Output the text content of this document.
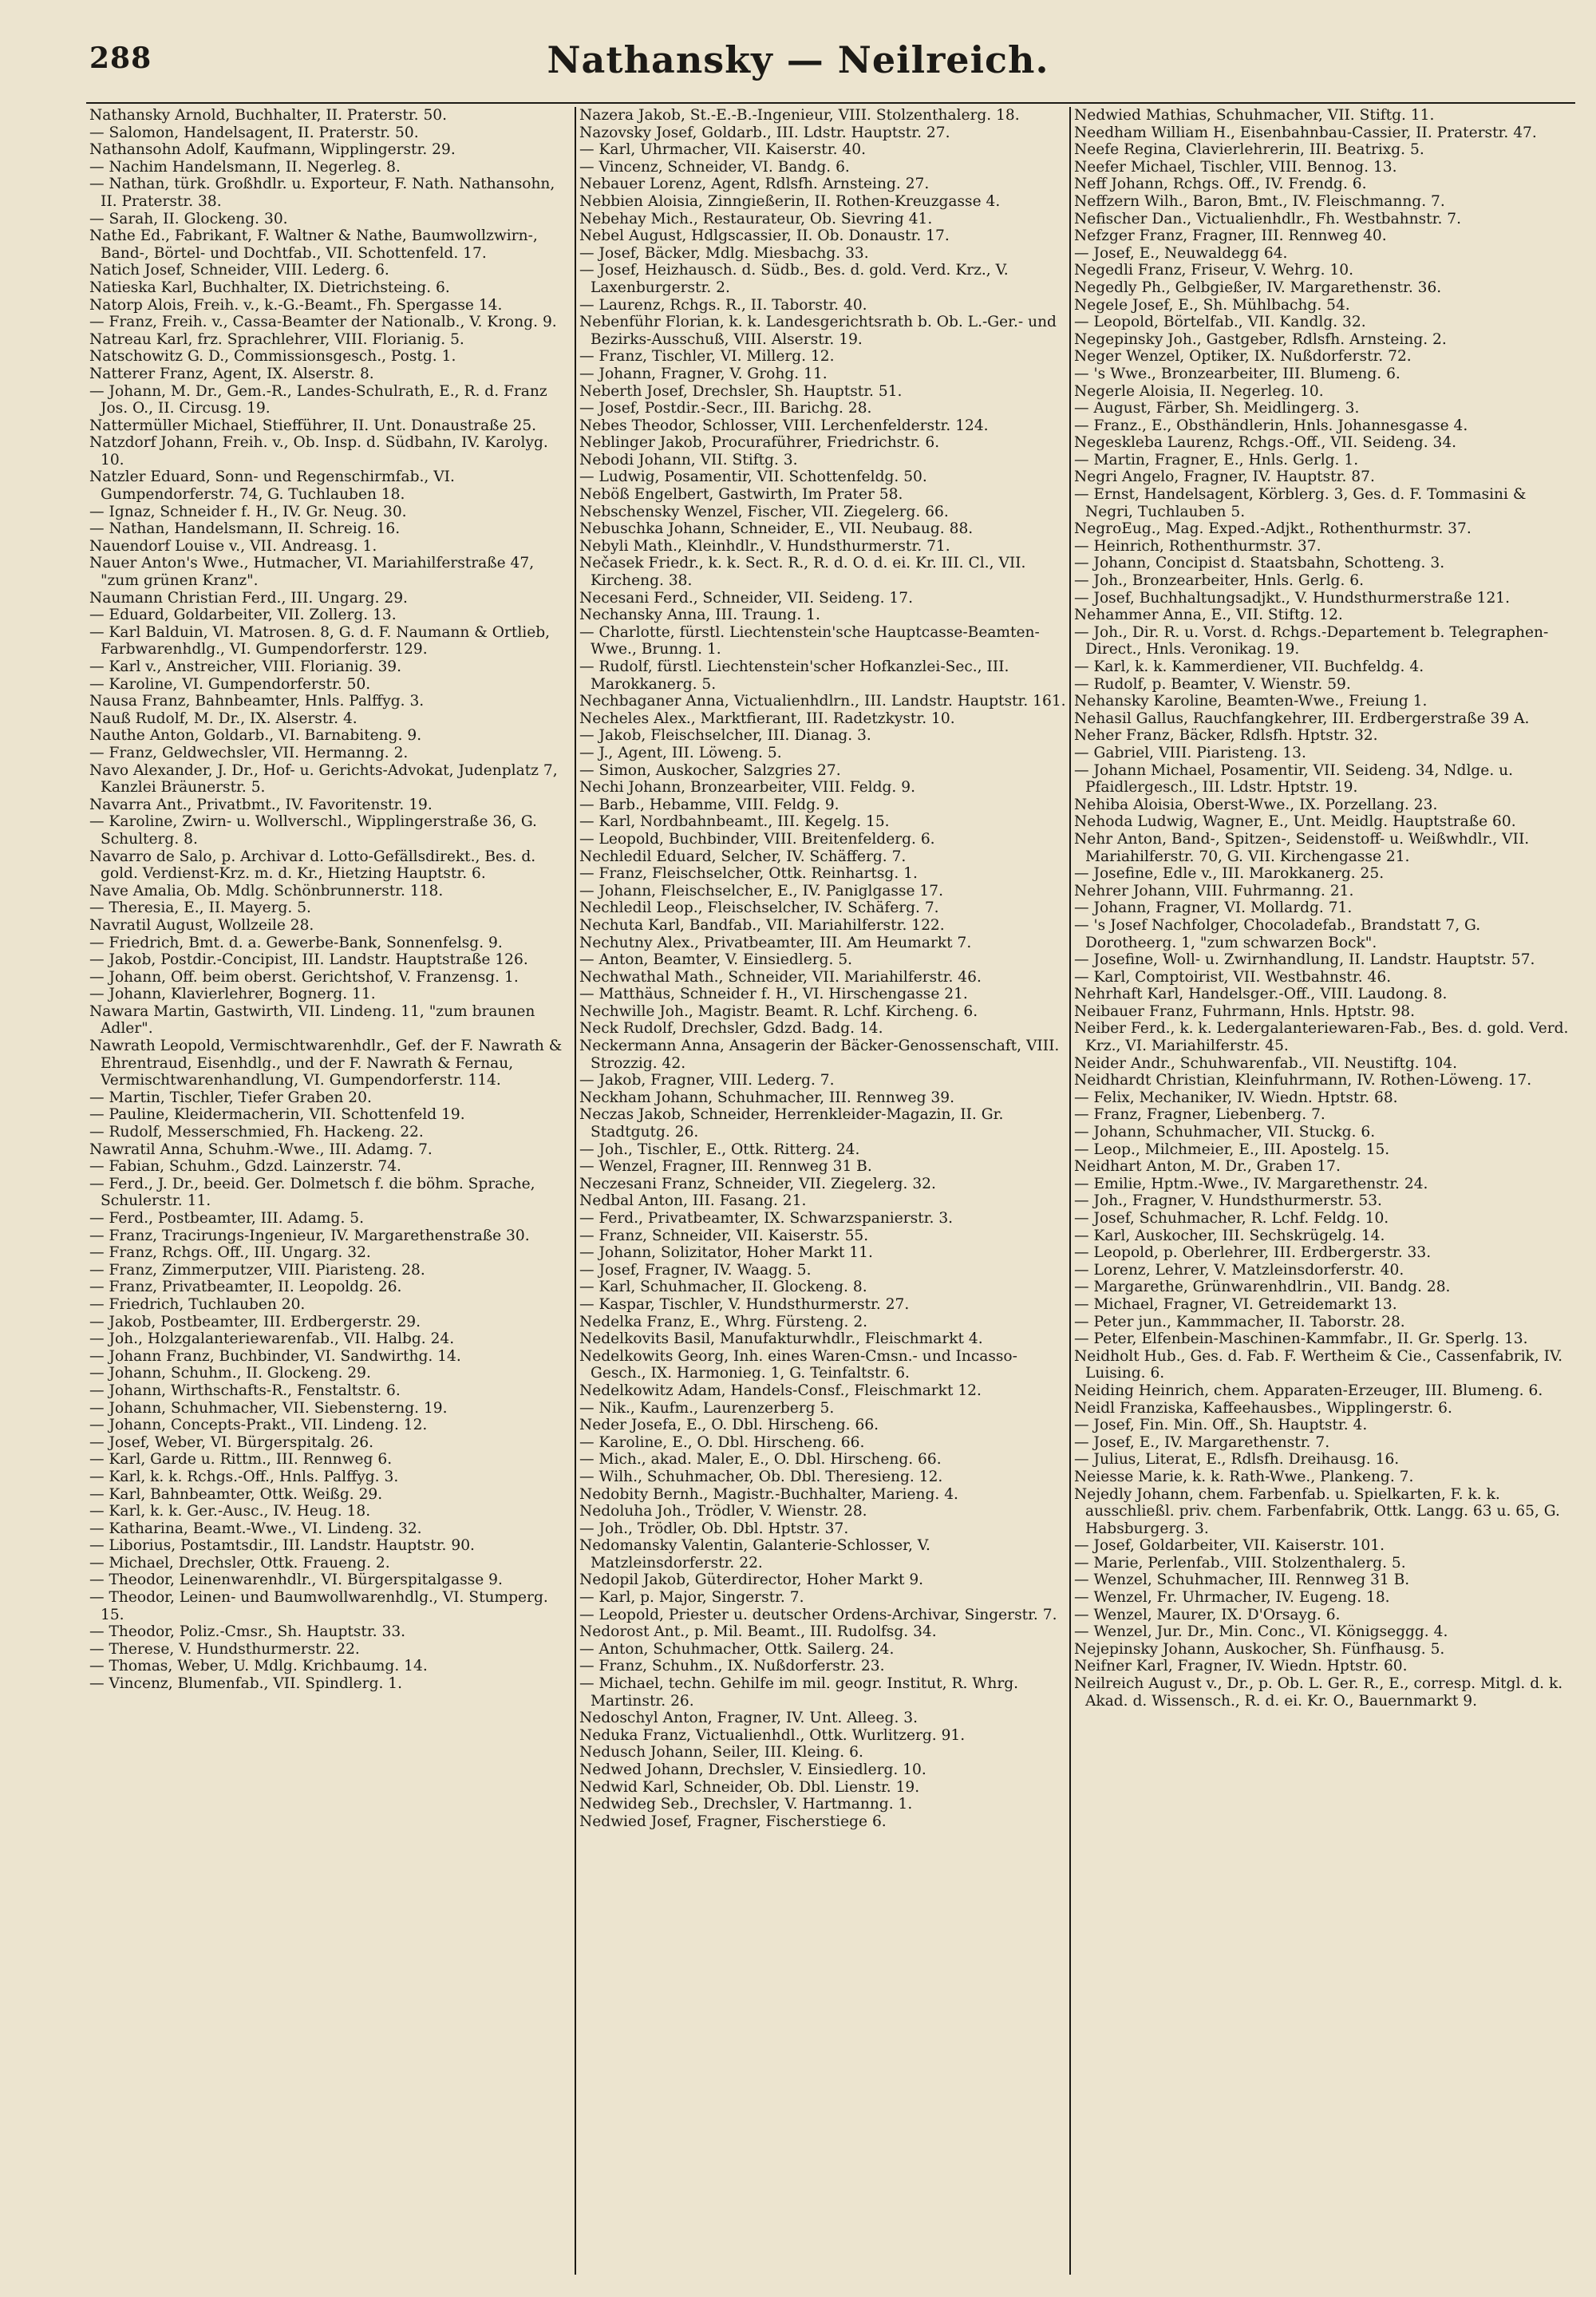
288	Nathansky — Neilreich.

Nathansky Arnold, Buchhalter, II. Praterstr. 50.

— Salomon, Handelsagent, II. Praterstr. 50.

Nathansohn Adolf, Kaufmann, Wipplingerstr. 29.

— Nachim Handelsmann, II. Negerleg. 8.

— Nathan, türk. Großhdlr. u. Exporteur, F. Nath. Nathansohn, II. Praterstr. 38.

— Sarah, II. Glockeng. 30.

Nathe Ed., Fabrikant, F. Waltner & Nathe, Baumwollzwirn-, Band-, Börtel- und Dochtfab., VII. Schottenfeld. 17.

Natich Josef, Schneider, VIII. Lederg. 6.

Natieska Karl, Buchhalter, IX. Dietrichsteing. 6.

Natorp Alois, Freih. v., k.-G.-Beamt., Fh. Spergasse 14.

— Franz, Freih. v., Cassa-Beamter der Nationalb., V. Krong. 9.

Natreau Karl, frz. Sprachlehrer, VIII. Florianig. 5.

Natschowitz G. D., Commissionsgesch., Postg. 1.

Natterer Franz, Agent, IX. Alserstr. 8.

— Johann, M. Dr., Gem.-R., Landes-Schulrath, E., R. d. Franz Jos. O., II. Circusg. 19.

Nattermüller Michael, Stiefführer, II. Unt. Donaustraße 25.

Natzdorf Johann, Freih. v., Ob. Insp. d. Südbahn, IV. Karolyg. 10.

Natzler Eduard, Sonn- und Regenschirmfab., VI. Gumpendorferstr. 74, G. Tuchlauben 18.

— Ignaz, Schneider f. H., IV. Gr. Neug. 30.

— Nathan, Handelsmann, II. Schreig. 16.

Nauendorf Louise v., VII. Andreasg. 1.

Nauer Anton's Wwe., Hutmacher, VI. Mariahilferstraße 47, "zum grünen Kranz".

Naumann Christian Ferd., III. Ungarg. 29.

— Eduard, Goldarbeiter, VII. Zollerg. 13.

— Karl Balduin, VI. Matrosen. 8, G. d. F. Naumann & Ortlieb, Farbwarenhdlg., VI. Gumpendorferstr. 129.

— Karl v., Anstreicher, VIII. Florianig. 39.

— Karoline, VI. Gumpendorferstr. 50.

Nausa Franz, Bahnbeamter, Hnls. Palffyg. 3.

Nauß Rudolf, M. Dr., IX. Alserstr. 4.

Nauthe Anton, Goldarb., VI. Barnabiteng. 9.

— Franz, Geldwechsler, VII. Hermanng. 2.

Navo Alexander, J. Dr., Hof- u. Gerichts-Advokat, Judenplatz 7, Kanzlei Bräunerstr. 5.

Navarra Ant., Privatbmt., IV. Favoritenstr. 19.

— Karoline, Zwirn- u. Wollverschl., Wipplingerstraße 36, G. Schulterg. 8.

Navarro de Salo, p. Archivar d. Lotto-Gefällsdirekt., Bes. d. gold. Verdienst-Krz. m. d. Kr., Hietzing Hauptstr. 6.

Nave Amalia, Ob. Mdlg. Schönbrunnerstr. 118.

— Theresia, E., II. Mayerg. 5.

Navratil August, Wollzeile 28.

— Friedrich, Bmt. d. a. Gewerbe-Bank, Sonnenfelsg. 9.

— Jakob, Postdir.-Concipist, III. Landstr. Hauptstraße 126.

— Johann, Off. beim oberst. Gerichtshof, V. Franzensg. 1.

— Johann, Klavierlehrer, Bognerg. 11.

Nawara Martin, Gastwirth, VII. Lindeng. 11, "zum braunen Adler".

Nawrath Leopold, Vermischtwarenhdlr., Gef. der F. Nawrath & Ehrentraud, Eisenhdlg., und der F. Nawrath & Fernau, Vermischtwarenhandlung, VI. Gumpendorferstr. 114.

— Martin, Tischler, Tiefer Graben 20.

— Pauline, Kleidermacherin, VII. Schottenfeld 19.

— Rudolf, Messerschmied, Fh. Hackeng. 22.

Nawratil Anna, Schuhm.-Wwe., III. Adamg. 7.

— Fabian, Schuhm., Gdzd. Lainzerstr. 74.

— Ferd., J. Dr., beeid. Ger. Dolmetsch f. die böhm. Sprache, Schulerstr. 11.

— Ferd., Postbeamter, III. Adamg. 5.

— Franz, Tracirungs-Ingenieur, IV. Margarethenstraße 30.

— Franz, Rchgs. Off., III. Ungarg. 32.

— Franz, Zimmerputzer, VIII. Piaristeng. 28.

— Franz, Privatbeamter, II. Leopoldg. 26.

— Friedrich, Tuchlauben 20.

— Jakob, Postbeamter, III. Erdbergerstr. 29.

— Joh., Holzgalanteriewarenfab., VII. Halbg. 24.

— Johann Franz, Buchbinder, VI. Sandwirthg. 14.

— Johann, Schuhm., II. Glockeng. 29.

— Johann, Wirthschafts-R., Fenstaltstr. 6.

— Johann, Schuhmacher, VII. Siebensterng. 19.

— Johann, Concepts-Prakt., VII. Lindeng. 12.

— Josef, Weber, VI. Bürgerspitalg. 26.

— Karl, Garde u. Rittm., III. Rennweg 6.

— Karl, k. k. Rchgs.-Off., Hnls. Palffyg. 3.

— Karl, Bahnbeamter, Ottk. Weißg. 29.

— Karl, k. k. Ger.-Ausc., IV. Heug. 18.

— Katharina, Beamt.-Wwe., VI. Lindeng. 32.

— Liborius, Postamtsdir., III. Landstr. Hauptstr. 90.

— Michael, Drechsler, Ottk. Fraueng. 2.

— Theodor, Leinenwarenhdlr., VI. Bürgerspitalgasse 9.

— Theodor, Leinen- und Baumwollwarenhdlg., VI. Stumperg. 15.

— Theodor, Poliz.-Cmsr., Sh. Hauptstr. 33.

— Therese, V. Hundsthurmerstr. 22.

— Thomas, Weber, U. Mdlg. Krichbaumg. 14.

— Vincenz, Blumenfab., VII. Spindlerg. 1.

Nazera Jakob, St.-E.-B.-Ingenieur, VIII. Stolzenthalerg. 18.

Nazovsky Josef, Goldarb., III. Ldstr. Hauptstr. 27.

— Karl, Uhrmacher, VII. Kaiserstr. 40.

— Vincenz, Schneider, VI. Bandg. 6.

Nebauer Lorenz, Agent, Rdlsfh. Arnsteing. 27.

Nebbien Aloisia, Zinngießerin, II. Rothen-Kreuzgasse 4.

Nebehay Mich., Restaurateur, Ob. Sievring 41.

Nebel August, Hdlgscassier, II. Ob. Donaustr. 17.

— Josef, Bäcker, Mdlg. Miesbachg. 33.

— Josef, Heizhausch. d. Südb., Bes. d. gold. Verd. Krz., V. Laxenburgerstr. 2.

— Laurenz, Rchgs. R., II. Taborstr. 40.

Nebenführ Florian, k. k. Landesgerichtsrath b. Ob. L.-Ger.- und Bezirks-Ausschuß, VIII. Alserstr. 19.

— Franz, Tischler, VI. Millerg. 12.

— Johann, Fragner, V. Grohg. 11.

Neberth Josef, Drechsler, Sh. Hauptstr. 51.

— Josef, Postdir.-Secr., III. Barichg. 28.

Nebes Theodor, Schlosser, VIII. Lerchenfelderstr. 124.

Neblinger Jakob, Procuraführer, Friedrichstr. 6.

Nebodi Johann, VII. Stiftg. 3.

— Ludwig, Posamentir, VII. Schottenfeldg. 50.

Neböß Engelbert, Gastwirth, Im Prater 58.

Nebschensky Wenzel, Fischer, VII. Ziegelerg. 66.

Nebuschka Johann, Schneider, E., VII. Neubaug. 88.

Nebyli Math., Kleinhdlr., V. Hundsthurmerstr. 71.

Nečasek Friedr., k. k. Sect. R., R. d. O. d. ei. Kr. III. Cl., VII. Kircheng. 38.

Necesani Ferd., Schneider, VII. Seideng. 17.

Nechansky Anna, III. Traung. 1.

— Charlotte, fürstl. Liechtenstein'sche Hauptcasse-Beamten-Wwe., Brunng. 1.

— Rudolf, fürstl. Liechtenstein'scher Hofkanzlei-Sec., III. Marokkanerg. 5.

Nechbaganer Anna, Victualienhdlrn., III. Landstr. Hauptstr. 161.

Necheles Alex., Marktfierant, III. Radetzkystr. 10.

— Jakob, Fleischselcher, III. Dianag. 3.

— J., Agent, III. Löweng. 5.

— Simon, Auskocher, Salzgries 27.

Nechi Johann, Bronzearbeiter, VIII. Feldg. 9.

— Barb., Hebamme, VIII. Feldg. 9.

— Karl, Nordbahnbeamt., III. Kegelg. 15.

— Leopold, Buchbinder, VIII. Breitenfelderg. 6.

Nechledil Eduard, Selcher, IV. Schäfferg. 7.

— Franz, Fleischselcher, Ottk. Reinhartsg. 1.

— Johann, Fleischselcher, E., IV. Paniglgasse 17.

Nechledil Leop., Fleischselcher, IV. Schäferg. 7.

Nechuta Karl, Bandfab., VII. Mariahilferstr. 122.

Nechutny Alex., Privatbeamter, III. Am Heumarkt 7.

— Anton, Beamter, V. Einsiedlerg. 5.

Nechwathal Math., Schneider, VII. Mariahilferstr. 46.

— Matthäus, Schneider f. H., VI. Hirschengasse 21.

Nechwille Joh., Magistr. Beamt. R. Lchf. Kircheng. 6.

Neck Rudolf, Drechsler, Gdzd. Badg. 14.

Neckermann Anna, Ansagerin der Bäcker-Genossenschaft, VIII. Strozzig. 42.

— Jakob, Fragner, VIII. Lederg. 7.

Neckham Johann, Schuhmacher, III. Rennweg 39.

Neczas Jakob, Schneider, Herrenkleider-Magazin, II. Gr. Stadtgutg. 26.

— Joh., Tischler, E., Ottk. Ritterg. 24.

— Wenzel, Fragner, III. Rennweg 31 B.

Neczesani Franz, Schneider, VII. Ziegelerg. 32.

Nedbal Anton, III. Fasang. 21.

— Ferd., Privatbeamter, IX. Schwarzspanierstr. 3.

— Franz, Schneider, VII. Kaiserstr. 55.

— Johann, Solizitator, Hoher Markt 11.

— Josef, Fragner, IV. Waagg. 5.

— Karl, Schuhmacher, II. Glockeng. 8.

— Kaspar, Tischler, V. Hundsthurmerstr. 27.

Nedelka Franz, E., Whrg. Fürsteng. 2.

Nedelkovits Basil, Manufakturwhdlr., Fleischmarkt 4.

Nedelkowits Georg, Inh. eines Waren-Cmsn.- und Incasso-Gesch., IX. Harmonieg. 1, G. Teinfaltstr. 6.

Nedelkowitz Adam, Handels-Consf., Fleischmarkt 12.

— Nik., Kaufm., Laurenzerberg 5.

Neder Josefa, E., O. Dbl. Hirscheng. 66.

— Karoline, E., O. Dbl. Hirscheng. 66.

— Mich., akad. Maler, E., O. Dbl. Hirscheng. 66.

— Wilh., Schuhmacher, Ob. Dbl. Theresieng. 12.

Nedobity Bernh., Magistr.-Buchhalter, Marieng. 4.

Nedoluha Joh., Trödler, V. Wienstr. 28.

— Joh., Trödler, Ob. Dbl. Hptstr. 37.

Nedomansky Valentin, Galanterie-Schlosser, V. Matzleinsdorferstr. 22.

Nedopil Jakob, Güterdirector, Hoher Markt 9.

— Karl, p. Major, Singerstr. 7.

— Leopold, Priester u. deutscher Ordens-Archivar, Singerstr. 7.

Nedorost Ant., p. Mil. Beamt., III. Rudolfsg. 34.

— Anton, Schuhmacher, Ottk. Sailerg. 24.

— Franz, Schuhm., IX. Nußdorferstr. 23.

— Michael, techn. Gehilfe im mil. geogr. Institut, R. Whrg. Martinstr. 26.

Nedoschyl Anton, Fragner, IV. Unt. Alleeg. 3.

Neduka Franz, Victualienhdl., Ottk. Wurlitzerg. 91.

Nedusch Johann, Seiler, III. Kleing. 6.

Nedwed Johann, Drechsler, V. Einsiedlerg. 10.

Nedwid Karl, Schneider, Ob. Dbl. Lienstr. 19.

Nedwideg Seb., Drechsler, V. Hartmanng. 1.

Nedwied Josef, Fragner, Fischerstiege 6.

Nedwied Mathias, Schuhmacher, VII. Stiftg. 11.

Needham William H., Eisenbahnbau-Cassier, II. Praterstr. 47.

Neefe Regina, Clavierlehrerin, III. Beatrixg. 5.

Neefer Michael, Tischler, VIII. Bennog. 13.

Neff Johann, Rchgs. Off., IV. Frendg. 6.

Neffzern Wilh., Baron, Bmt., IV. Fleischmanng. 7.

Nefischer Dan., Victualienhdlr., Fh. Westbahnstr. 7.

Nefzger Franz, Fragner, III. Rennweg 40.

— Josef, E., Neuwaldegg 64.

Negedli Franz, Friseur, V. Wehrg. 10.

Negedly Ph., Gelbgießer, IV. Margarethenstr. 36.

Negele Josef, E., Sh. Mühlbachg. 54.

— Leopold, Börtelfab., VII. Kandlg. 32.

Negepinsky Joh., Gastgeber, Rdlsfh. Arnsteing. 2.

Neger Wenzel, Optiker, IX. Nußdorferstr. 72.

— 's Wwe., Bronzearbeiter, III. Blumeng. 6.

Negerle Aloisia, II. Negerleg. 10.

— August, Färber, Sh. Meidlingerg. 3.

— Franz., E., Obsthändlerin, Hnls. Johannesgasse 4.

Negeskleba Laurenz, Rchgs.-Off., VII. Seideng. 34.

— Martin, Fragner, E., Hnls. Gerlg. 1.

Negri Angelo, Fragner, IV. Hauptstr. 87.

— Ernst, Handelsagent, Körblerg. 3, Ges. d. F. Tommasini & Negri, Tuchlauben 5.

NegroEug., Mag. Exped.-Adjkt., Rothenthurmstr. 37.

— Heinrich, Rothenthurmstr. 37.

— Johann, Concipist d. Staatsbahn, Schotteng. 3.

— Joh., Bronzearbeiter, Hnls. Gerlg. 6.

— Josef, Buchhaltungsadjkt., V. Hundsthurmerstraße 121.

Nehammer Anna, E., VII. Stiftg. 12.

— Joh., Dir. R. u. Vorst. d. Rchgs.-Departement b. Telegraphen-Direct., Hnls. Veronikag. 19.

— Karl, k. k. Kammerdiener, VII. Buchfeldg. 4.

— Rudolf, p. Beamter, V. Wienstr. 59.

Nehansky Karoline, Beamten-Wwe., Freiung 1.

Nehasil Gallus, Rauchfangkehrer, III. Erdbergerstraße 39 A.

Neher Franz, Bäcker, Rdlsfh. Hptstr. 32.

— Gabriel, VIII. Piaristeng. 13.

— Johann Michael, Posamentir, VII. Seideng. 34, Ndlge. u. Pfaidlergesch., III. Ldstr. Hptstr. 19.

Nehiba Aloisia, Oberst-Wwe., IX. Porzellang. 23.

Nehoda Ludwig, Wagner, E., Unt. Meidlg. Hauptstraße 60.

Nehr Anton, Band-, Spitzen-, Seidenstoff- u. Weißwhdlr., VII. Mariahilferstr. 70, G. VII. Kirchengasse 21.

— Josefine, Edle v., III. Marokkanerg. 25.

Nehrer Johann, VIII. Fuhrmanng. 21.

— Johann, Fragner, VI. Mollardg. 71.

— 's Josef Nachfolger, Chocoladefab., Brandstatt 7, G. Dorotheerg. 1, "zum schwarzen Bock".

— Josefine, Woll- u. Zwirnhandlung, II. Landstr. Hauptstr. 57.

— Karl, Comptoirist, VII. Westbahnstr. 46.

Nehrhaft Karl, Handelsger.-Off., VIII. Laudong. 8.

Neibauer Franz, Fuhrmann, Hnls. Hptstr. 98.

Neiber Ferd., k. k. Ledergalanteriewaren-Fab., Bes. d. gold. Verd. Krz., VI. Mariahilferstr. 45.

Neider Andr., Schuhwarenfab., VII. Neustiftg. 104.

Neidhardt Christian, Kleinfuhrmann, IV. Rothen-Löweng. 17.

— Felix, Mechaniker, IV. Wiedn. Hptstr. 68.

— Franz, Fragner, Liebenberg. 7.

— Johann, Schuhmacher, VII. Stuckg. 6.

— Leop., Milchmeier, E., III. Apostelg. 15.

Neidhart Anton, M. Dr., Graben 17.

— Emilie, Hptm.-Wwe., IV. Margarethenstr. 24.

— Joh., Fragner, V. Hundsthurmerstr. 53.

— Josef, Schuhmacher, R. Lchf. Feldg. 10.

— Karl, Auskocher, III. Sechskrügelg. 14.

— Leopold, p. Oberlehrer, III. Erdbergerstr. 33.

— Lorenz, Lehrer, V. Matzleinsdorferstr. 40.

— Margarethe, Grünwarenhdlrin., VII. Bandg. 28.

— Michael, Fragner, VI. Getreidemarkt 13.

— Peter jun., Kammmacher, II. Taborstr. 28.

— Peter, Elfenbein-Maschinen-Kammfabr., II. Gr. Sperlg. 13.

Neidholt Hub., Ges. d. Fab. F. Wertheim & Cie., Cassenfabrik, IV. Luising. 6.

Neiding Heinrich, chem. Apparaten-Erzeuger, III. Blumeng. 6.

Neidl Franziska, Kaffeehausbes., Wipplingerstr. 6.

— Josef, Fin. Min. Off., Sh. Hauptstr. 4.

— Josef, E., IV. Margarethenstr. 7.

— Julius, Literat, E., Rdlsfh. Dreihausg. 16.

Neiesse Marie, k. k. Rath-Wwe., Plankeng. 7.

Nejedly Johann, chem. Farbenfab. u. Spielkarten, F. k. k. ausschließl. priv. chem. Farbenfabrik, Ottk. Langg. 63 u. 65, G. Habsburgerg. 3.

— Josef, Goldarbeiter, VII. Kaiserstr. 101.

— Marie, Perlenfab., VIII. Stolzenthalerg. 5.

— Wenzel, Schuhmacher, III. Rennweg 31 B.

— Wenzel, Fr. Uhrmacher, IV. Eugeng. 18.

— Wenzel, Maurer, IX. D'Orsayg. 6.

— Wenzel, Jur. Dr., Min. Conc., VI. Königseggg. 4.

Nejepinsky Johann, Auskocher, Sh. Fünfhausg. 5.

Neifner Karl, Fragner, IV. Wiedn. Hptstr. 60.

Neilreich August v., Dr., p. Ob. L. Ger. R., E., corresp. Mitgl. d. k. Akad. d. Wissensch., R. d. ei. Kr. O., Bauernmarkt 9.
